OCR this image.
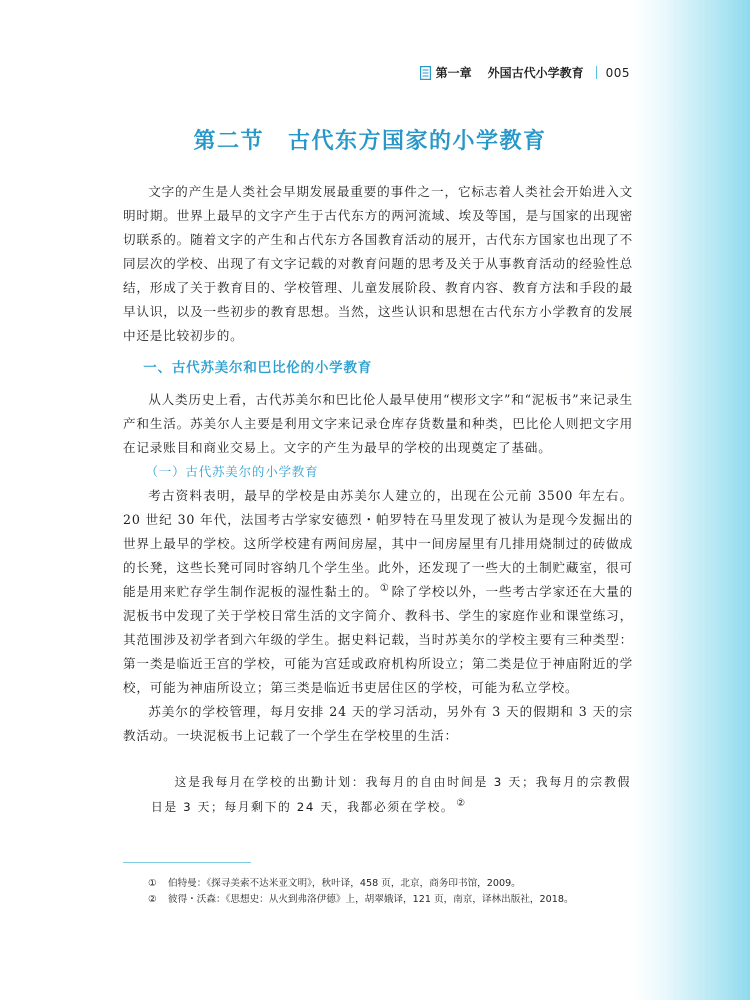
第一章 外国古代小学教育 005
第二节 古代东方国家的小学教育

文字的产生是人类社会早期发展最重要的事件之一，它标志着人类社会开始进入文明时期。世界上最早的文字产生于古代东方的两河流域、埃及等国，是与国家的出现密切联系的。随着文字的产生和占代东方各国教育活动的展开，古代东方国家也出现了不同层次的学校、出现了有文字记载的对教育问题的思考及关于从事教育活动的经验性总结，形成了关于教育目的、学校管理、儿童发展阶段、教育内容、教育方法和手段的最早认识，以及一些初步的教育思想。当然，这些认识和思想在古代东方小学教育的发展中还是比较初步的。

一、古代苏美尔和巴比伦的小学教育

从人类历史上看，古代苏美尔和巴比伦人最早使用“楔形文字”和“泥板书”来记录生产和生活。苏美尔人主要是利用文字来记录仓库存货数量和种类，巴比伦人则把文字用在记录账目和商业交易上。文字的产生为最早的学校的出现奠定了基础。

（一）古代苏美尔的小学教育

考古资料表明，最早的学校是由苏美尔人建立的，出现在公元前 3500 年左右。20 世纪 30 年代，法国考古学家安德烈・帕罗特在马里发现了被认为是现今发掘出的世界上最早的学校。这所学校建有两间房屋，其中一间房屋里有几排用烧制过的砖做成的长凳，这些长凳可同时容纳几个学生坐。此外，还发现了一些大的土制贮藏室，很可能是用来贮存学生制作泥板的湿性黏土的。 ① 除了学校以外，一些考古学家还在大量的泥板书中发现了关于学校日常生活的文字简介、教科书、学生的家庭作业和课堂练习，其范围涉及初学者到六年级的学生。据史料记载，当时苏美尔的学校主要有三种类型：第一类是临近王宫的学校，可能为宫廷或政府机构所设立；第二类是位于神庙附近的学校，可能为神庙所设立；第三类是临近书吏居住区的学校，可能为私立学校。

苏美尔的学校管理，每月安排 24 天的学习活动，另外有 3 天的假期和 3 天的宗教活动。一块泥板书上记载了一个学生在学校里的生活：

这是我每月在学校的出勤计划：我每月的自由时间是 3 天；我每月的宗教假日是 3 天；每月剩下的 24 天，我都必须在学校。 ②
①	伯特曼：《探寻美索不达米亚文明》，秋叶译，458 页，北京，商务印书馆，2009。
②	彼得・沃森：《思想史：从火到弗洛伊德》上，胡翠娥译，121 页，南京，译林出版社，2018。
